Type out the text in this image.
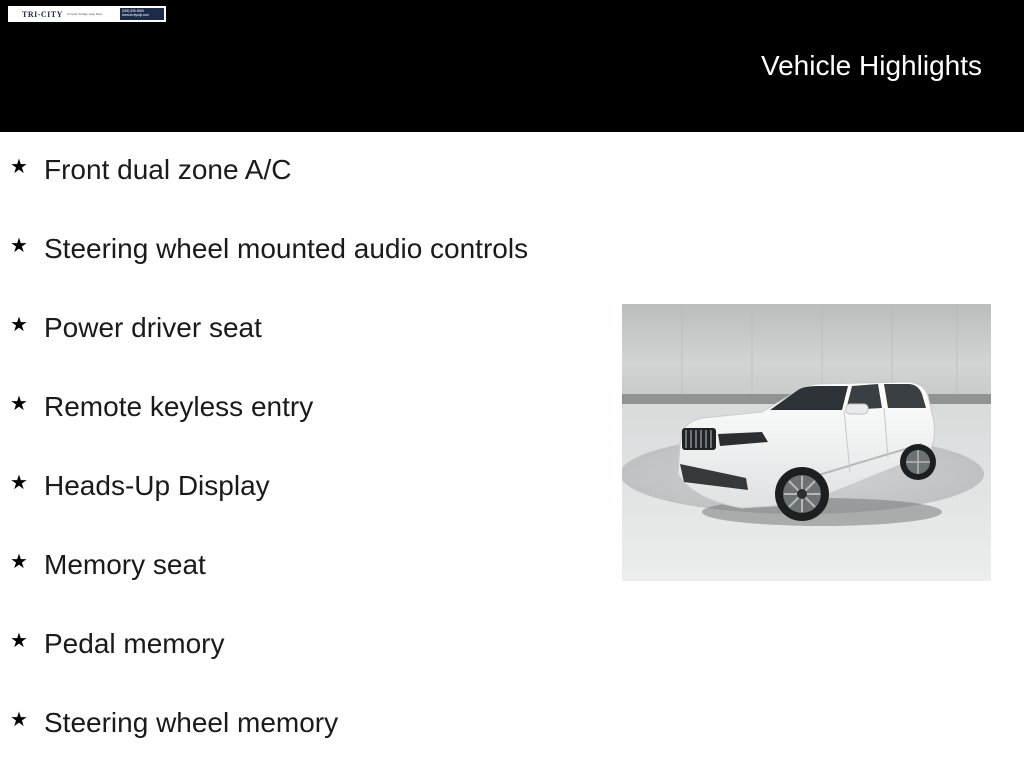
TRI-CITY Chrysler Dodge Jeep Ram
(555) 555-5555
www.tricitycdjr.com
Vehicle Highlights
★ Front dual zone A/C
★ Steering wheel mounted audio controls
★ Power driver seat
★ Remote keyless entry
★ Heads-Up Display
★ Memory seat
★ Pedal memory
★ Steering wheel memory
